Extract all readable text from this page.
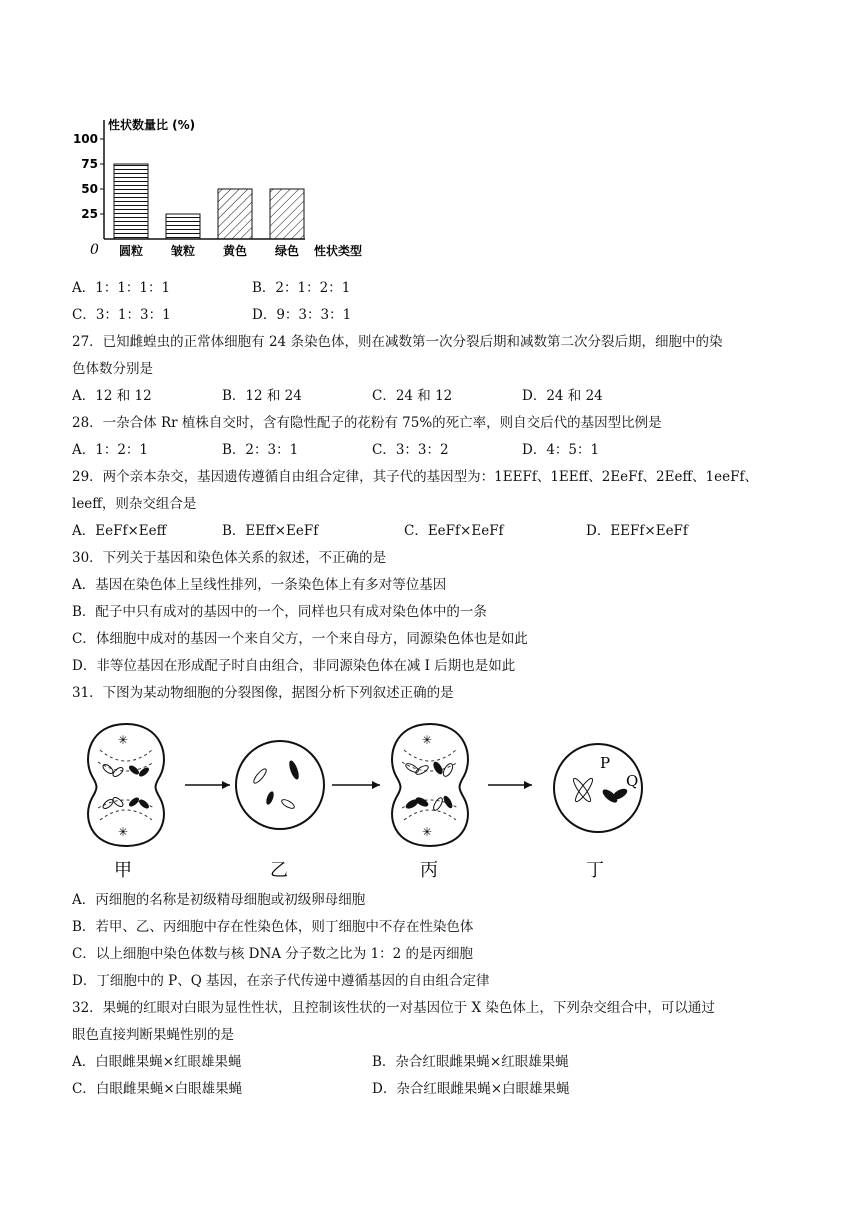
性状数量比 (%)
性状类型
0
100
75
50
25
圆粒 皱粒 黄色 绿色
A．1：1：1：1	B．2：1：2：1
C．3：1：3：1	D．9：3：3：1
27．已知雌蝗虫的正常体细胞有 24 条染色体，则在减数第一次分裂后期和减数第二次分裂后期，细胞中的染
色体数分别是
A．12 和 12	B．12 和 24	C．24 和 12	D．24 和 24
28．一杂合体 Rr 植株自交时，含有隐性配子的花粉有 75%的死亡率，则自交后代的基因型比例是
A．1：2：1	B．2：3：1	C．3：3：2	D．4：5：1
29．两个亲本杂交，基因遗传遵循自由组合定律，其子代的基因型为：1EEFf、1EEff、2EeFf、2Eeff、1eeFf、
leeff，则杂交组合是
A．EeFf×Eeff	B．EEff×EeFf	C．EeFf×EeFf	D．EEFf×EeFf
30．下列关于基因和染色体关系的叙述，不正确的是
A．基因在染色体上呈线性排列，一条染色体上有多对等位基因
B．配子中只有成对的基因中的一个，同样也只有成对染色体中的一条
C．体细胞中成对的基因一个来自父方，一个来自母方，同源染色体也是如此
D．非等位基因在形成配子时自由组合，非同源染色体在减 I 后期也是如此
31．下图为某动物细胞的分裂图像，据图分析下列叙述正确的是
✳
✳
✳
✳
P
Q
甲	乙	丙	丁
A．丙细胞的名称是初级精母细胞或初级卵母细胞
B．若甲、乙、丙细胞中存在性染色体，则丁细胞中不存在性染色体
C．以上细胞中染色体数与核 DNA 分子数之比为 1：2 的是丙细胞
D．丁细胞中的 P、Q 基因，在亲子代传递中遵循基因的自由组合定律
32．果蝇的红眼对白眼为显性性状，且控制该性状的一对基因位于 X 染色体上，下列杂交组合中，可以通过
眼色直接判断果蝇性别的是
A．白眼雌果蝇×红眼雄果蝇	B．杂合红眼雌果蝇×红眼雄果蝇
C．白眼雌果蝇×白眼雄果蝇	D．杂合红眼雌果蝇×白眼雄果蝇
